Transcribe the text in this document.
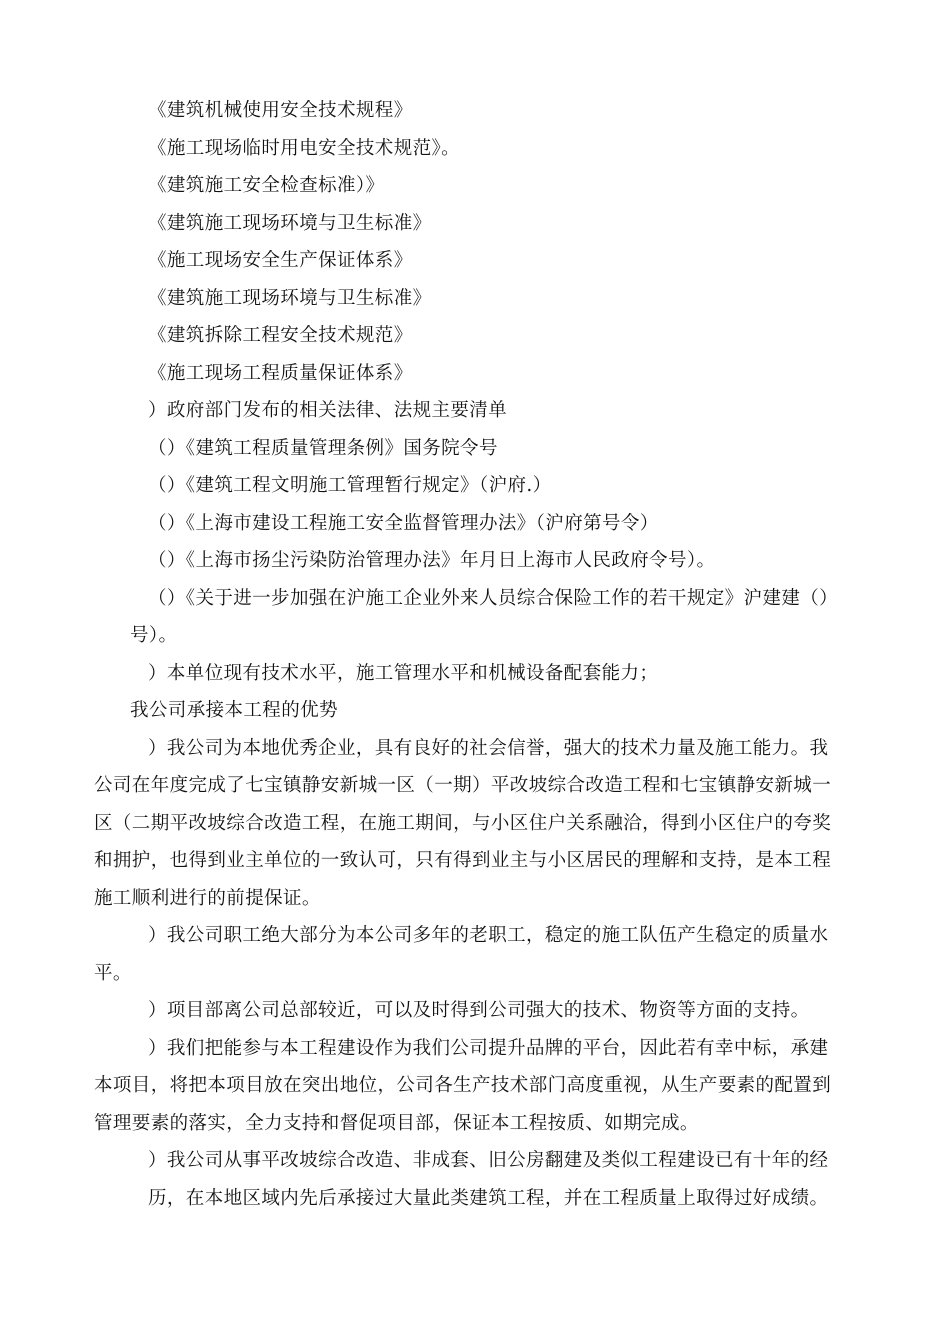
《建筑机械使用安全技术规程》
《施工现场临时用电安全技术规范》。
《建筑施工安全检查标准）》
《建筑施工现场环境与卫生标准》
《施工现场安全生产保证体系》
《建筑施工现场环境与卫生标准》
《建筑拆除工程安全技术规范》
《施工现场工程质量保证体系》
）政府部门发布的相关法律、法规主要清单
（）《建筑工程质量管理条例》国务院令号
（）《建筑工程文明施工管理暂行规定》（沪府.）
（）《上海市建设工程施工安全监督管理办法》（沪府第号令）
（）《上海市扬尘污染防治管理办法》年月日上海市人民政府令号）。
（）《关于进一步加强在沪施工企业外来人员综合保险工作的若干规定》沪建建（）
号）。
）本单位现有技术水平，施工管理水平和机械设备配套能力；
我公司承接本工程的优势
）我公司为本地优秀企业，具有良好的社会信誉，强大的技术力量及施工能力。我
公司在年度完成了七宝镇静安新城一区（一期）平改坡综合改造工程和七宝镇静安新城一
区（二期平改坡综合改造工程，在施工期间，与小区住户关系融洽，得到小区住户的夸奖
和拥护，也得到业主单位的一致认可，只有得到业主与小区居民的理解和支持，是本工程
施工顺利进行的前提保证。
）我公司职工绝大部分为本公司多年的老职工，稳定的施工队伍产生稳定的质量水
平。
）项目部离公司总部较近，可以及时得到公司强大的技术、物资等方面的支持。
）我们把能参与本工程建设作为我们公司提升品牌的平台，因此若有幸中标，承建
本项目，将把本项目放在突出地位，公司各生产技术部门高度重视，从生产要素的配置到
管理要素的落实，全力支持和督促项目部，保证本工程按质、如期完成。
）我公司从事平改坡综合改造、非成套、旧公房翻建及类似工程建设已有十年的经
历，在本地区域内先后承接过大量此类建筑工程，并在工程质量上取得过好成绩。
